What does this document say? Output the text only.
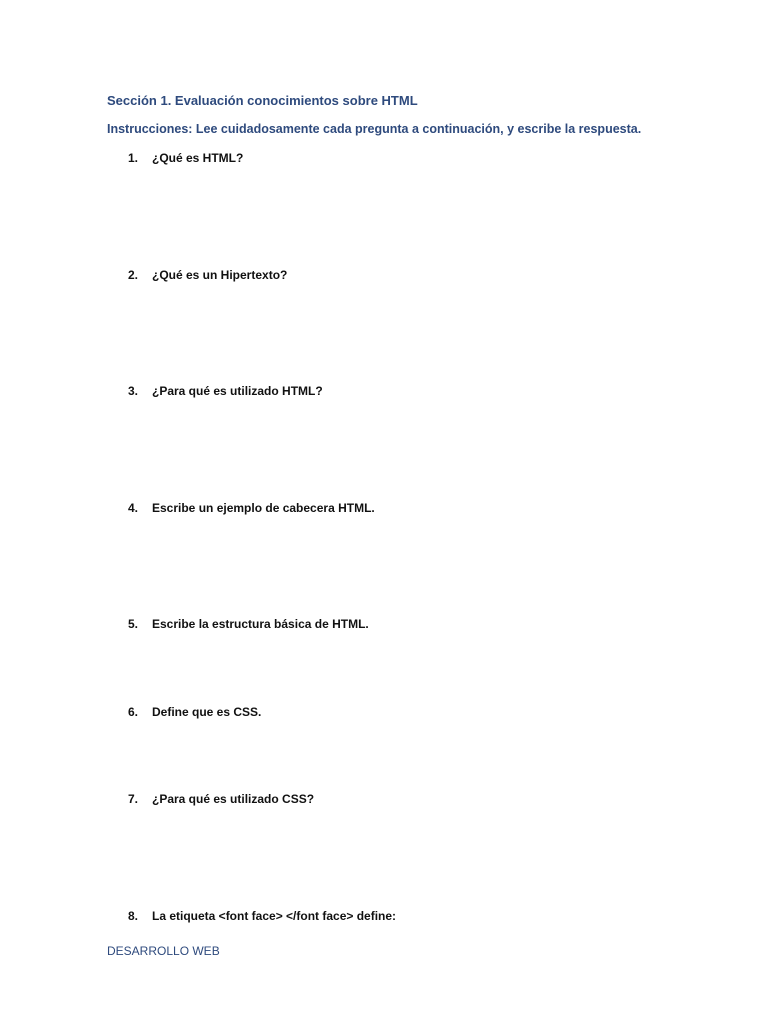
Sección 1. Evaluación conocimientos sobre HTML
Instrucciones: Lee cuidadosamente cada pregunta a continuación, y escribe la respuesta.
1. ¿Qué es HTML?
2. ¿Qué es un Hipertexto?
3. ¿Para qué es utilizado HTML?
4. Escribe un ejemplo de cabecera HTML.
5. Escribe la estructura básica de HTML.
6. Define que es CSS.
7. ¿Para qué es utilizado CSS?
8. La etiqueta <font face> </font face> define:
DESARROLLO WEB
